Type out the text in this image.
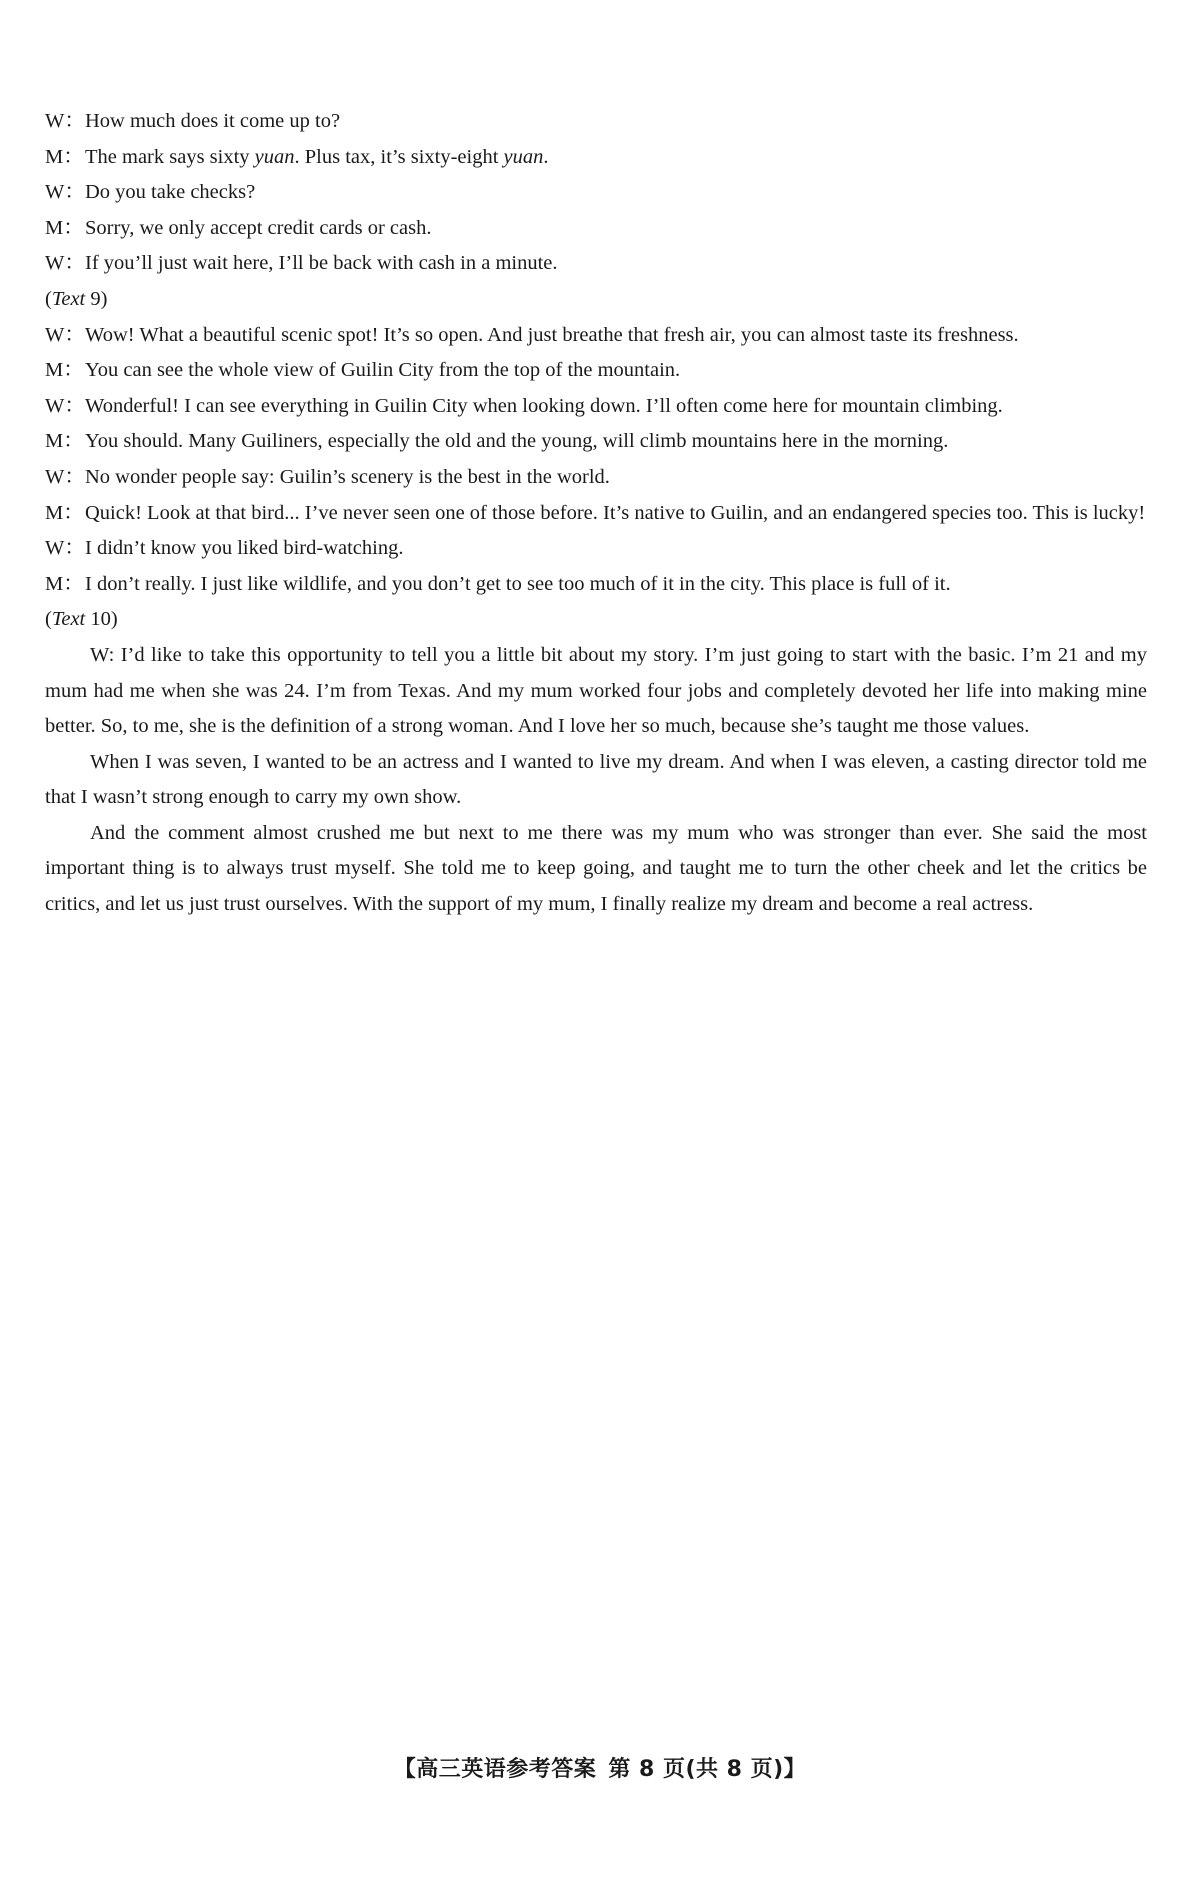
W： How much does it come up to?

M： The mark says sixty yuan. Plus tax, it’s sixty-eight yuan.

W： Do you take checks?

M： Sorry, we only accept credit cards or cash.

W： If you’ll just wait here, I’ll be back with cash in a minute.

(Text 9)

W： Wow! What a beautiful scenic spot! It’s so open. And just breathe that fresh air, you can almost taste its freshness.

M： You can see the whole view of Guilin City from the top of the mountain.

W： Wonderful! I can see everything in Guilin City when looking down. I’ll often come here for mountain climbing.

M： You should. Many Guiliners, especially the old and the young, will climb mountains here in the morning.

W： No wonder people say: Guilin’s scenery is the best in the world.

M： Quick! Look at that bird... I’ve never seen one of those before. It’s native to Guilin, and an endangered species too. This is lucky!

W： I didn’t know you liked bird-watching.

M： I don’t really. I just like wildlife, and you don’t get to see too much of it in the city. This place is full of it.

(Text 10)

W: I’d like to take this opportunity to tell you a little bit about my story. I’m just going to start with the basic. I’m 21 and my mum had me when she was 24. I’m from Texas. And my mum worked four jobs and completely devoted her life into making mine better. So, to me, she is the definition of a strong woman. And I love her so much, because she’s taught me those values.

When I was seven, I wanted to be an actress and I wanted to live my dream. And when I was eleven, a casting director told me that I wasn’t strong enough to carry my own show.

And the comment almost crushed me but next to me there was my mum who was stronger than ever. She said the most important thing is to always trust myself. She told me to keep going, and taught me to turn the other cheek and let the critics be critics, and let us just trust ourselves. With the support of my mum, I finally realize my dream and become a real actress.

【高三英语参考答案 第 8 页(共 8 页)】
